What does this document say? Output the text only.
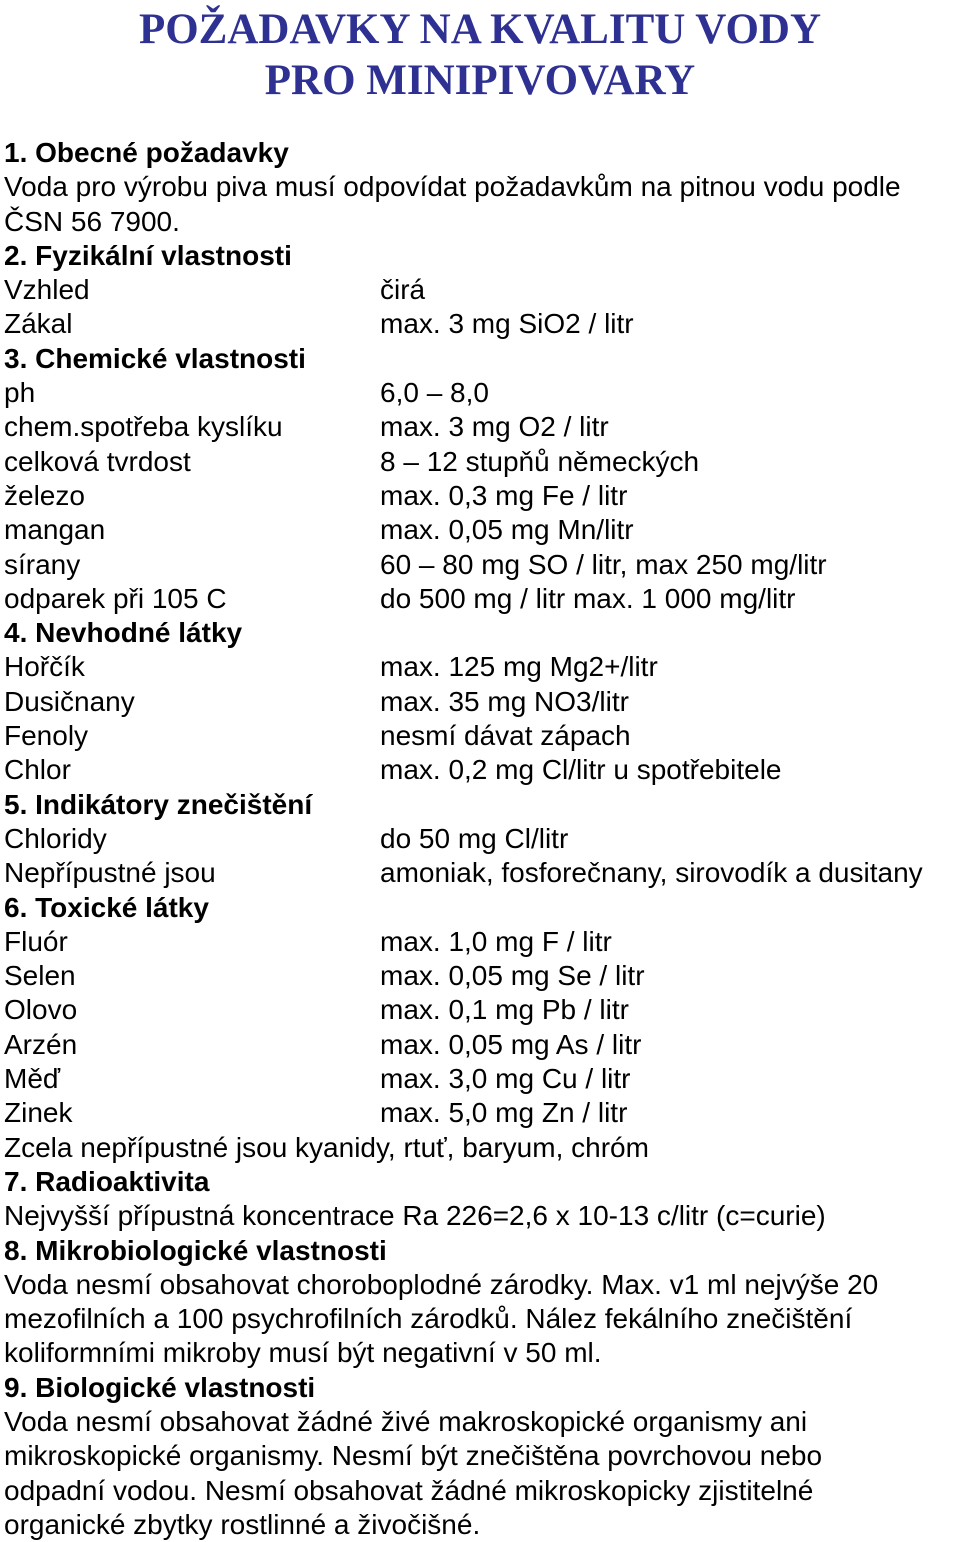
POŽADAVKY NA KVALITU VODY
PRO MINIPIVOVARY
1. Obecné požadavky
Voda pro výrobu piva musí odpovídat požadavkům na pitnou vodu podle
ČSN 56 7900.
2. Fyzikální vlastnosti
Vzhled	čirá
Zákal	max. 3 mg SiO2 / litr
3. Chemické vlastnosti
ph	6,0 – 8,0
chem.spotřeba kyslíku	max. 3 mg O2 / litr
celková tvrdost	8 – 12 stupňů německých
železo	max. 0,3 mg Fe / litr
mangan	max. 0,05 mg Mn/litr
sírany	60 – 80 mg SO / litr, max 250 mg/litr
odparek při 105 C	do 500 mg / litr max. 1 000 mg/litr
4. Nevhodné látky
Hořčík	max. 125 mg Mg2+/litr
Dusičnany	max. 35 mg NO3/litr
Fenoly	nesmí dávat zápach
Chlor	max. 0,2 mg Cl/litr u spotřebitele
5. Indikátory znečištění
Chloridy	do 50 mg Cl/litr
Nepřípustné jsou	amoniak, fosforečnany, sirovodík a dusitany
6. Toxické látky
Fluór	max. 1,0 mg F / litr
Selen	max. 0,05 mg Se / litr
Olovo	max. 0,1 mg Pb / litr
Arzén	max. 0,05 mg As / litr
Měď	max. 3,0 mg Cu / litr
Zinek	max. 5,0 mg Zn / litr
Zcela nepřípustné jsou kyanidy, rtuť, baryum, chróm
7. Radioaktivita
Nejvyšší přípustná koncentrace Ra 226=2,6 x 10-13 c/litr (c=curie)
8. Mikrobiologické vlastnosti
Voda nesmí obsahovat choroboplodné zárodky. Max. v1 ml nejvýše 20
mezofilních a 100 psychrofilních zárodků. Nález fekálního znečištění
koliformními mikroby musí být negativní v 50 ml.
9. Biologické vlastnosti
Voda nesmí obsahovat žádné živé makroskopické organismy ani
mikroskopické organismy. Nesmí být znečištěna povrchovou nebo
odpadní vodou. Nesmí obsahovat žádné mikroskopicky zjistitelné
organické zbytky rostlinné a živočišné.
